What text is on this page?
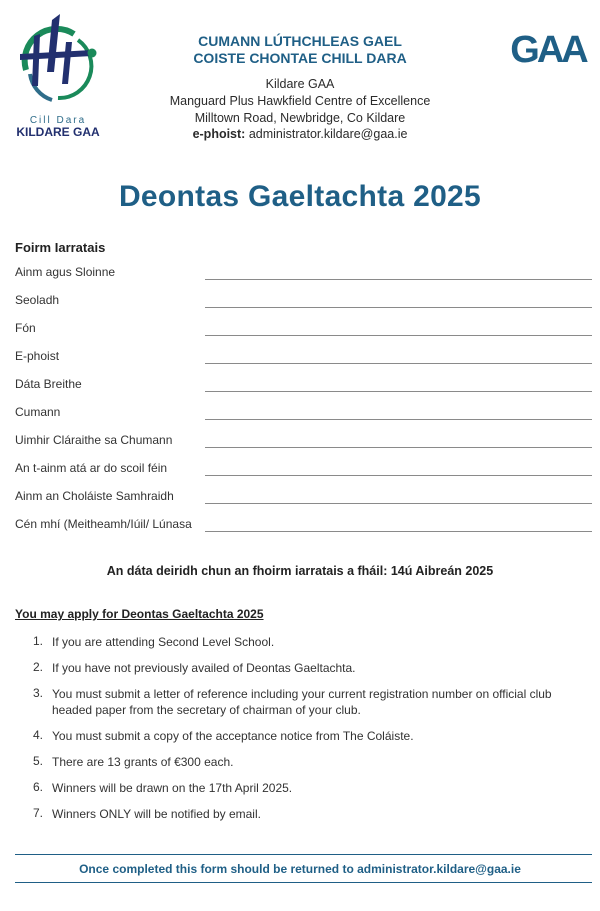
Cill Dara
KILDARE GAA
CUMANN LÚTHCHLEAS GAEL
COISTE CHONTAE CHILL DARA
Kildare GAA
Manguard Plus Hawkfield Centre of Excellence
Milltown Road, Newbridge, Co Kildare
e-phoist: administrator.kildare@gaa.ie
GAA
Deontas Gaeltachta 2025
Foirm Iarratais
Ainm agus Sloinne
Seoladh
Fón
E-phoist
Dáta Breithe
Cumann
Uimhir Cláraithe sa Chumann
An t-ainm atá ar do scoil féin
Ainm an Choláiste Samhraidh
Cén mhí (Meitheamh/Iúil/ Lúnasa
An dáta deiridh chun an fhoirm iarratais a fháil: 14ú Aibreán 2025
You may apply for Deontas Gaeltachta 2025
1. If you are attending Second Level School.
2. If you have not previously availed of Deontas Gaeltachta.
3. You must submit a letter of reference including your current registration number on official club headed paper from the secretary of chairman of your club.
4. You must submit a copy of the acceptance notice from The Coláiste.
5. There are 13 grants of €300 each.
6. Winners will be drawn on the 17th April 2025.
7. Winners ONLY will be notified by email.
Once completed this form should be returned to administrator.kildare@gaa.ie
